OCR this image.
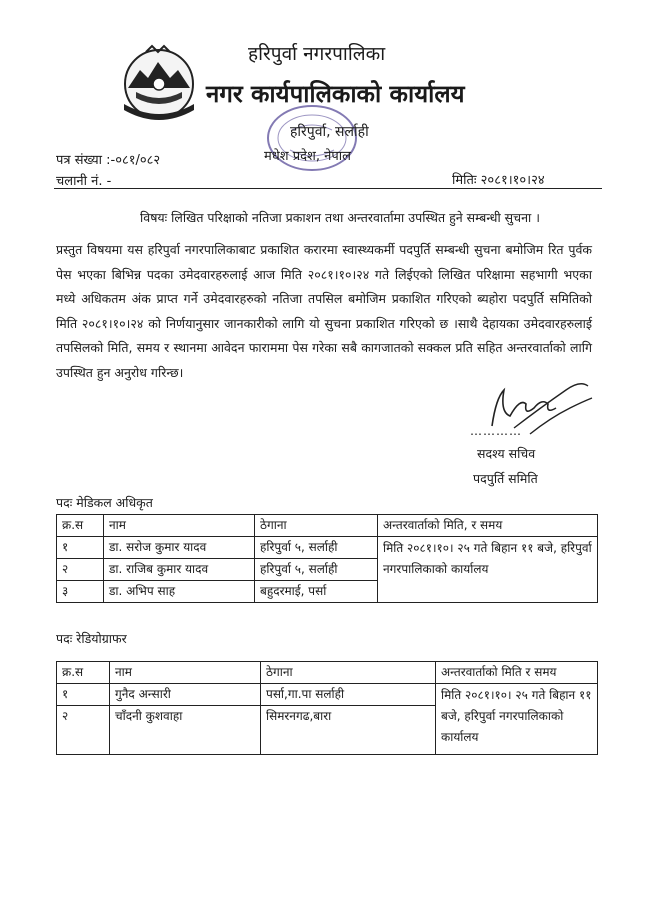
हरिपुर्वा नगरपालिका
नगर कार्यपालिकाको कार्यालय
हरिपुर्वा, सर्लाही
मधेश प्रदेश, नेपाल
पत्र संख्या :-०८१/०८२
चलानी नं. -	मितिः २०८१।१०।२४
विषयः लिखित परिक्षाको नतिजा प्रकाशन तथा अन्तरवार्तामा उपस्थित हुने सम्बन्धी सुचना ।
प्रस्तुत विषयमा यस हरिपुर्वा नगरपालिकाबाट प्रकाशित करारमा स्वास्थ्यकर्मी पदपुर्ति सम्बन्धी सुचना बमोजिम रित पुर्वक पेस भएका बिभिन्न पदका उमेदवारहरुलाई आज मिति २०८१।१०।२४ गते लिईएको लिखित परिक्षामा सहभागी भएका मध्ये अधिकतम अंक प्राप्त गर्ने उमेदवारहरुको नतिजा तपसिल बमोजिम प्रकाशित गरिएको ब्यहोरा पदपुर्ति समितिको मिति २०८१।१०।२४ को निर्णयानुसार जानकारीको लागि यो सुचना प्रकाशित गरिएको छ ।साथै देहायका उमेदवारहरुलाई तपसिलको मिति, समय र स्थानमा आवेदन फाराममा पेस गरेका सबै कागजातको सक्कल प्रति सहित अन्तरवार्ताको लागि उपस्थित हुन अनुरोध गरिन्छ।
…………
सदश्य सचिव
पदपुर्ति समिति
पदः मेडिकल अधिकृत
क्र.स	नाम	ठेगाना	अन्तरवार्ताको मिति, र समय
१	डा. सरोज कुमार यादव	हरिपुर्वा ५, सर्लाही	मिति २०८१।१०। २५ गते बिहान ११ बजे, हरिपुर्वा नगरपालिकाको कार्यालय
२	डा. राजिब कुमार यादव	हरिपुर्वा ५, सर्लाही	
३	डा. अभिप साह	बहुदरमाई, पर्सा	
पदः रेडियोग्राफर
क्र.स	नाम	ठेगाना	अन्तरवार्ताको मिति र समय
१	गुनैद अन्सारी	पर्सा,गा.पा सर्लाही	मिति २०८१।१०। २५ गते बिहान ११ बजे, हरिपुर्वा नगरपालिकाको कार्यालय
२	चाँदनी कुशवाहा	सिमरनगढ,बारा	
